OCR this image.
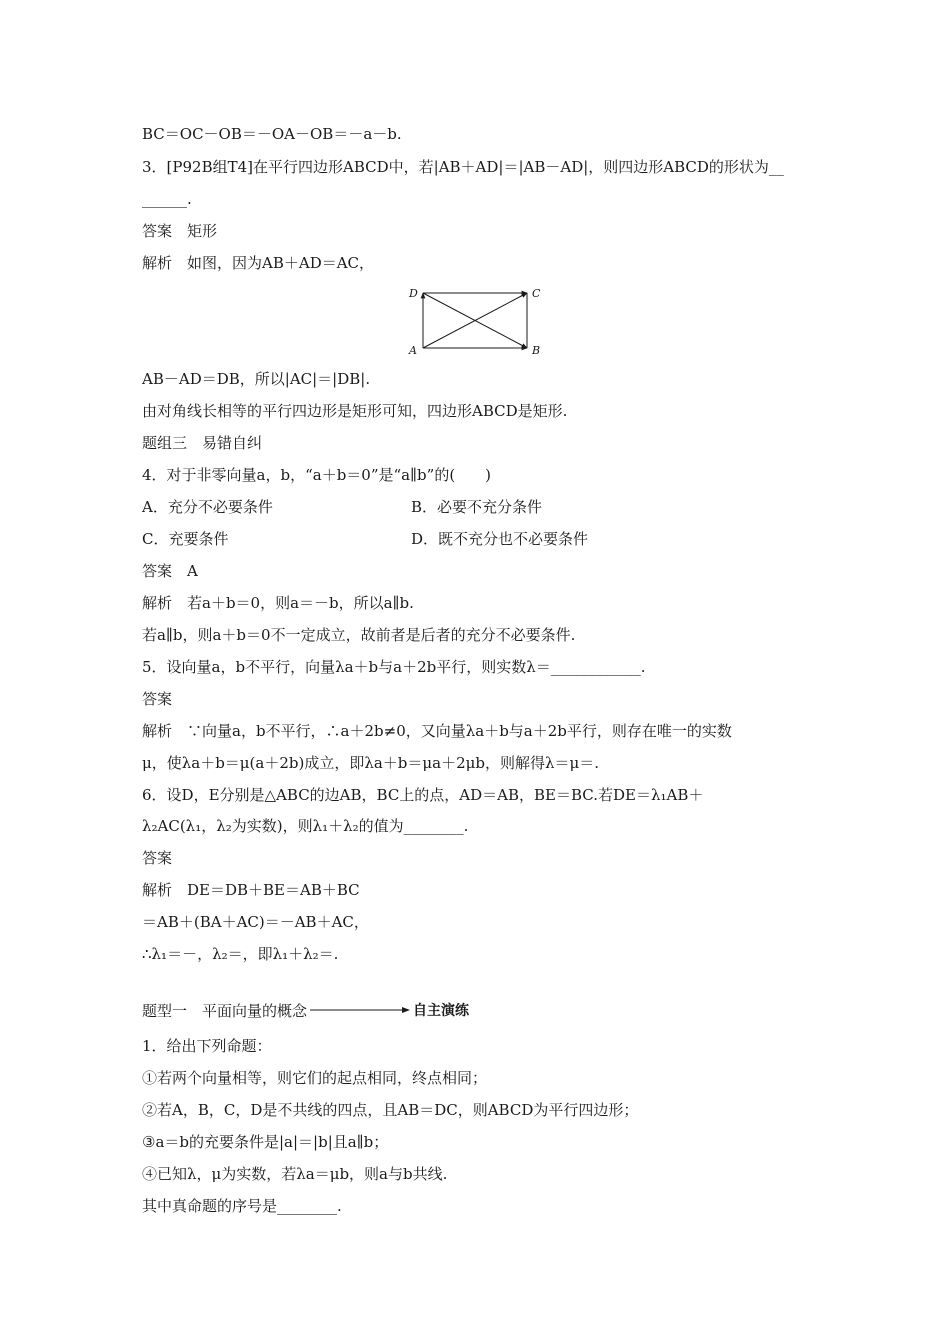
BC＝OC－OB＝－OA－OB＝－a－b.
3．[P92B组T4]在平行四边形ABCD中，若|AB＋AD|＝|AB－AD|，则四边形ABCD的形状为__
______.
答案　矩形
解析　如图，因为AB＋AD＝AC，
D	C
A	B
AB－AD＝DB，所以|AC|＝|DB|.
由对角线长相等的平行四边形是矩形可知，四边形ABCD是矩形.
题组三　易错自纠
4．对于非零向量a，b，“a＋b＝0”是“a∥b”的(　　)
A．充分不必要条件	B．必要不充分条件
C．充要条件	D．既不充分也不必要条件
答案　A
解析　若a＋b＝0，则a＝－b，所以a∥b.
若a∥b，则a＋b＝0不一定成立，故前者是后者的充分不必要条件.
5．设向量a，b不平行，向量λa＋b与a＋2b平行，则实数λ＝____________.
答案
解析　∵向量a，b不平行，∴a＋2b≠0，又向量λa＋b与a＋2b平行，则存在唯一的实数
μ，使λa＋b＝μ(a＋2b)成立，即λa＋b＝μa＋2μb，则解得λ＝μ＝.
6．设D，E分别是△ABC的边AB，BC上的点，AD＝AB，BE＝BC.若DE＝λ₁AB＋
λ₂AC(λ₁，λ₂为实数)，则λ₁＋λ₂的值为________.
答案
解析　DE＝DB＋BE＝AB＋BC
＝AB＋(BA＋AC)＝－AB＋AC，
∴λ₁＝－，λ₂＝，即λ₁＋λ₂＝.
题型一　平面向量的概念	自主演练
1．给出下列命题：
①若两个向量相等，则它们的起点相同，终点相同；
②若A，B，C，D是不共线的四点，且AB＝DC，则ABCD为平行四边形；
③a＝b的充要条件是|a|＝|b|且a∥b；
④已知λ，μ为实数，若λa＝μb，则a与b共线.
其中真命题的序号是________.
